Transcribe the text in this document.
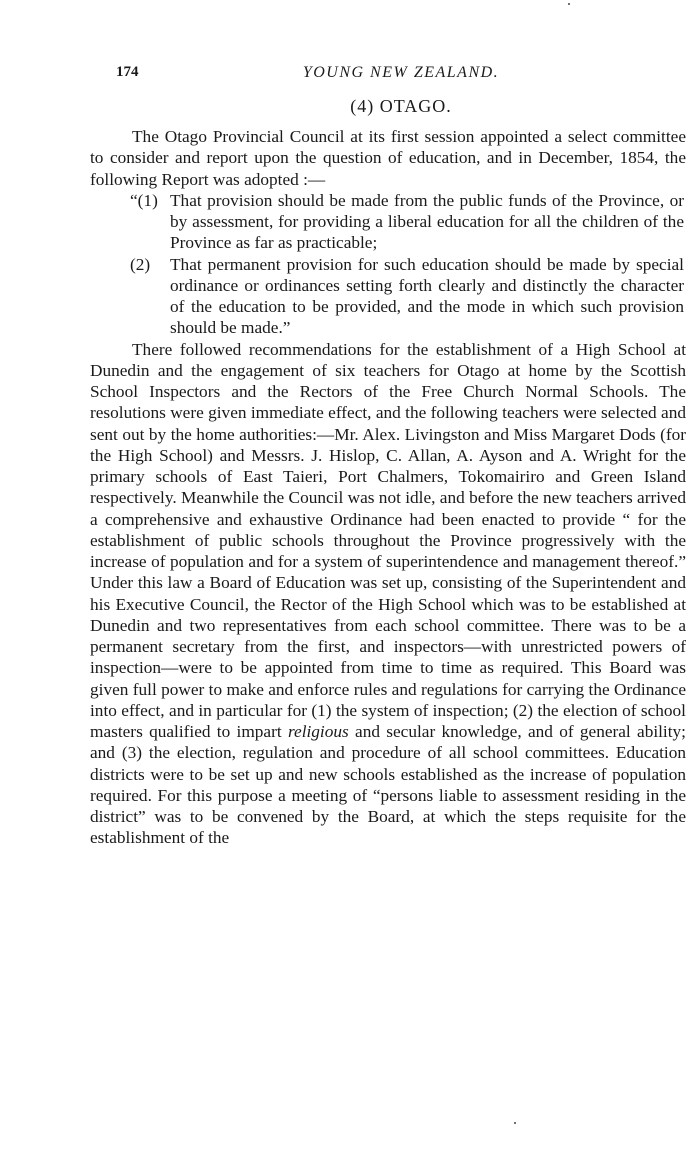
174	YOUNG NEW ZEALAND.
(4) OTAGO.

The Otago Provincial Council at its first session appointed a select committee to consider and report upon the question of education, and in December, 1854, the following Report was adopted :—

“(1) That provision should be made from the public funds of the Province, or by assessment, for providing a liberal education for all the children of the Province as far as practicable;

(2) That permanent provision for such education should be made by special ordinance or ordinances setting forth clearly and distinctly the character of the education to be provided, and the mode in which such provision should be made.”

There followed recommendations for the establishment of a High School at Dunedin and the engagement of six teachers for Otago at home by the Scottish School Inspectors and the Rectors of the Free Church Normal Schools. The resolutions were given immediate effect, and the following teachers were selected and sent out by the home authorities:—Mr. Alex. Livingston and Miss Margaret Dods (for the High School) and Messrs. J. Hislop, C. Allan, A. Ayson and A. Wright for the primary schools of East Taieri, Port Chalmers, Tokomairiro and Green Island respectively. Meanwhile the Council was not idle, and before the new teachers arrived a comprehensive and exhaustive Ordinance had been enacted to provide “ for the establishment of public schools throughout the Province progressively with the increase of population and for a system of superintendence and management thereof.” Under this law a Board of Education was set up, consisting of the Superintendent and his Executive Council, the Rector of the High School which was to be established at Dunedin and two representatives from each school committee. There was to be a permanent secretary from the first, and inspectors—with unrestricted powers of inspection—were to be appointed from time to time as required. This Board was given full power to make and enforce rules and regulations for carrying the Ordinance into effect, and in particular for (1) the system of inspection; (2) the election of school masters qualified to impart religious and secular knowledge, and of general ability; and (3) the election, regulation and procedure of all school committees. Education districts were to be set up and new schools established as the increase of population required. For this purpose a meeting of “persons liable to assessment residing in the district” was to be convened by the Board, at which the steps requisite for the establishment of the
